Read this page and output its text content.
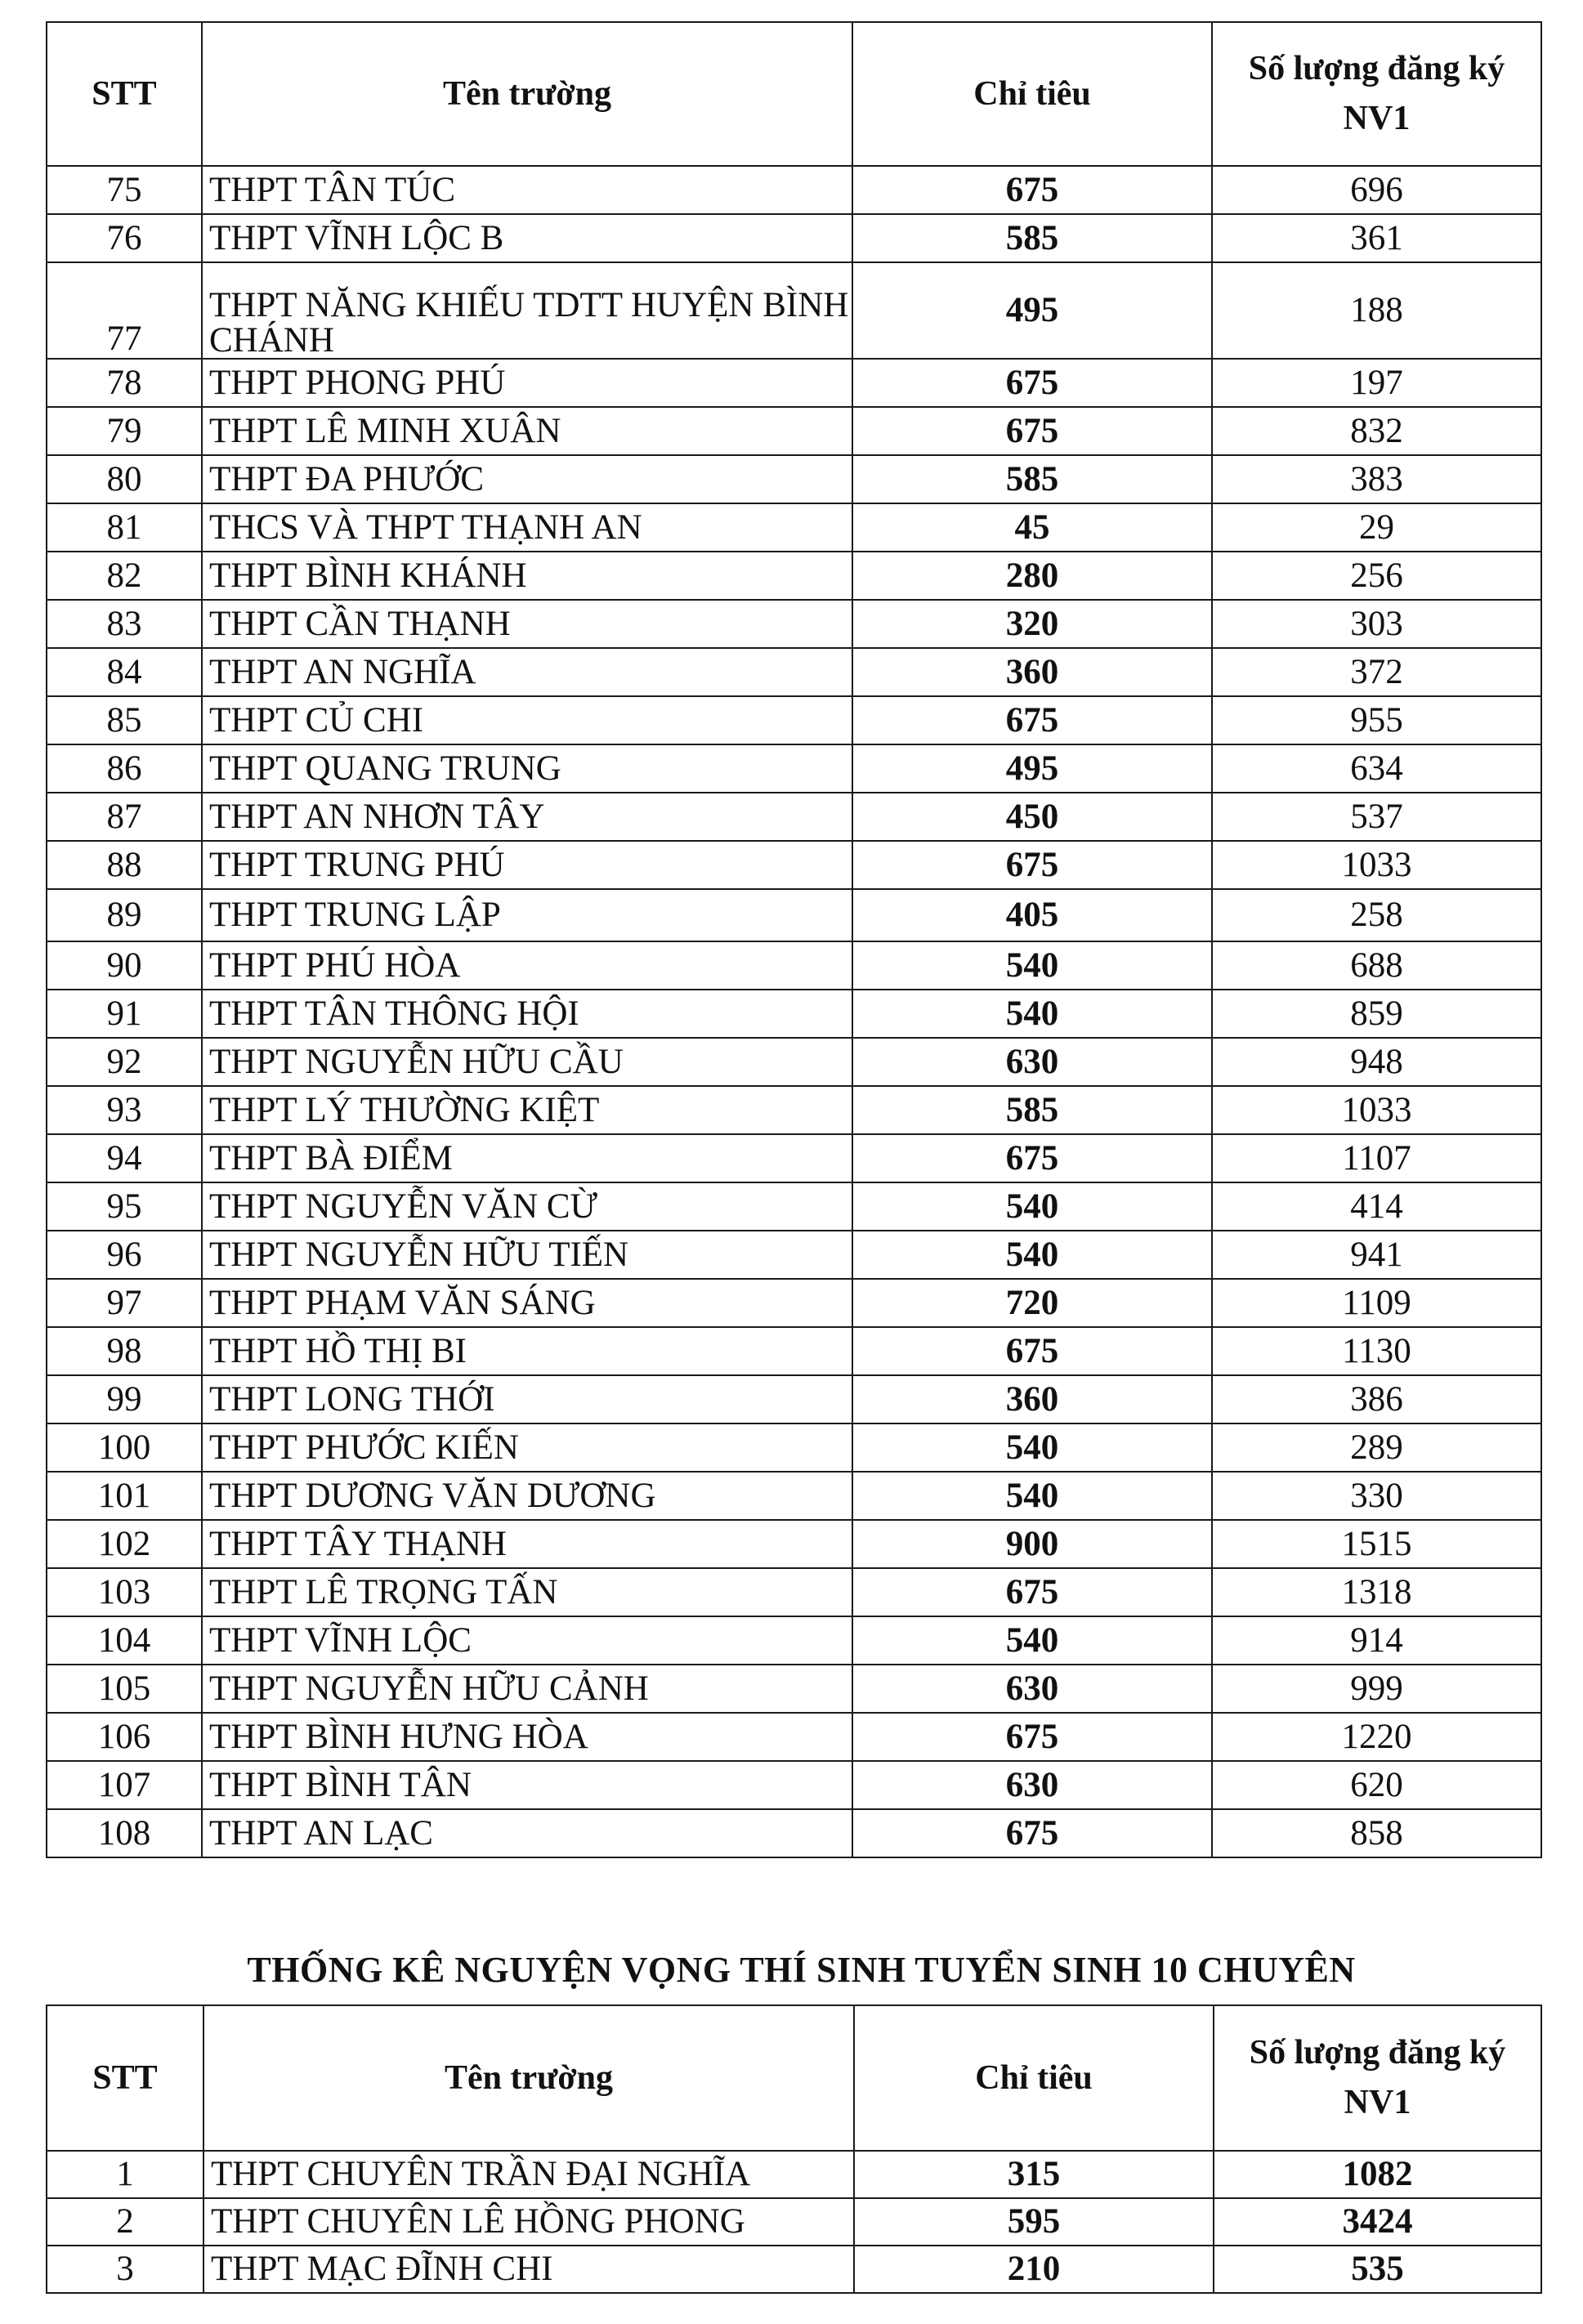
STT	Tên trường	Chỉ tiêu	Số lượng đăng ký NV1
75	THPT TÂN TÚC	675	696
76	THPT VĨNH LỘC B	585	361
77	THPT NĂNG KHIẾU TDTT HUYỆN BÌNH CHÁNH	495	188
78	THPT PHONG PHÚ	675	197
79	THPT LÊ MINH XUÂN	675	832
80	THPT ĐA PHƯỚC	585	383
81	THCS VÀ THPT THẠNH AN	45	29
82	THPT BÌNH KHÁNH	280	256
83	THPT CẦN THẠNH	320	303
84	THPT AN NGHĨA	360	372
85	THPT CỦ CHI	675	955
86	THPT QUANG TRUNG	495	634
87	THPT AN NHƠN TÂY	450	537
88	THPT TRUNG PHÚ	675	1033
89	THPT TRUNG LẬP	405	258
90	THPT PHÚ HÒA	540	688
91	THPT TÂN THÔNG HỘI	540	859
92	THPT NGUYỄN HỮU CẦU	630	948
93	THPT LÝ THƯỜNG KIỆT	585	1033
94	THPT BÀ ĐIỂM	675	1107
95	THPT NGUYỄN VĂN CỪ	540	414
96	THPT NGUYỄN HỮU TIẾN	540	941
97	THPT PHẠM VĂN SÁNG	720	1109
98	THPT HỒ THỊ BI	675	1130
99	THPT LONG THỚI	360	386
100	THPT PHƯỚC KIẾN	540	289
101	THPT DƯƠNG VĂN DƯƠNG	540	330
102	THPT TÂY THẠNH	900	1515
103	THPT LÊ TRỌNG TẤN	675	1318
104	THPT VĨNH LỘC	540	914
105	THPT NGUYỄN HỮU CẢNH	630	999
106	THPT BÌNH HƯNG HÒA	675	1220
107	THPT BÌNH TÂN	630	620
108	THPT AN LẠC	675	858
THỐNG KÊ NGUYỆN VỌNG THÍ SINH TUYỂN SINH 10 CHUYÊN
STT	Tên trường	Chỉ tiêu	Số lượng đăng ký NV1
1	THPT CHUYÊN TRẦN ĐẠI NGHĨA	315	1082
2	THPT CHUYÊN LÊ HỒNG PHONG	595	3424
3	THPT MẠC ĐĨNH CHI	210	535
